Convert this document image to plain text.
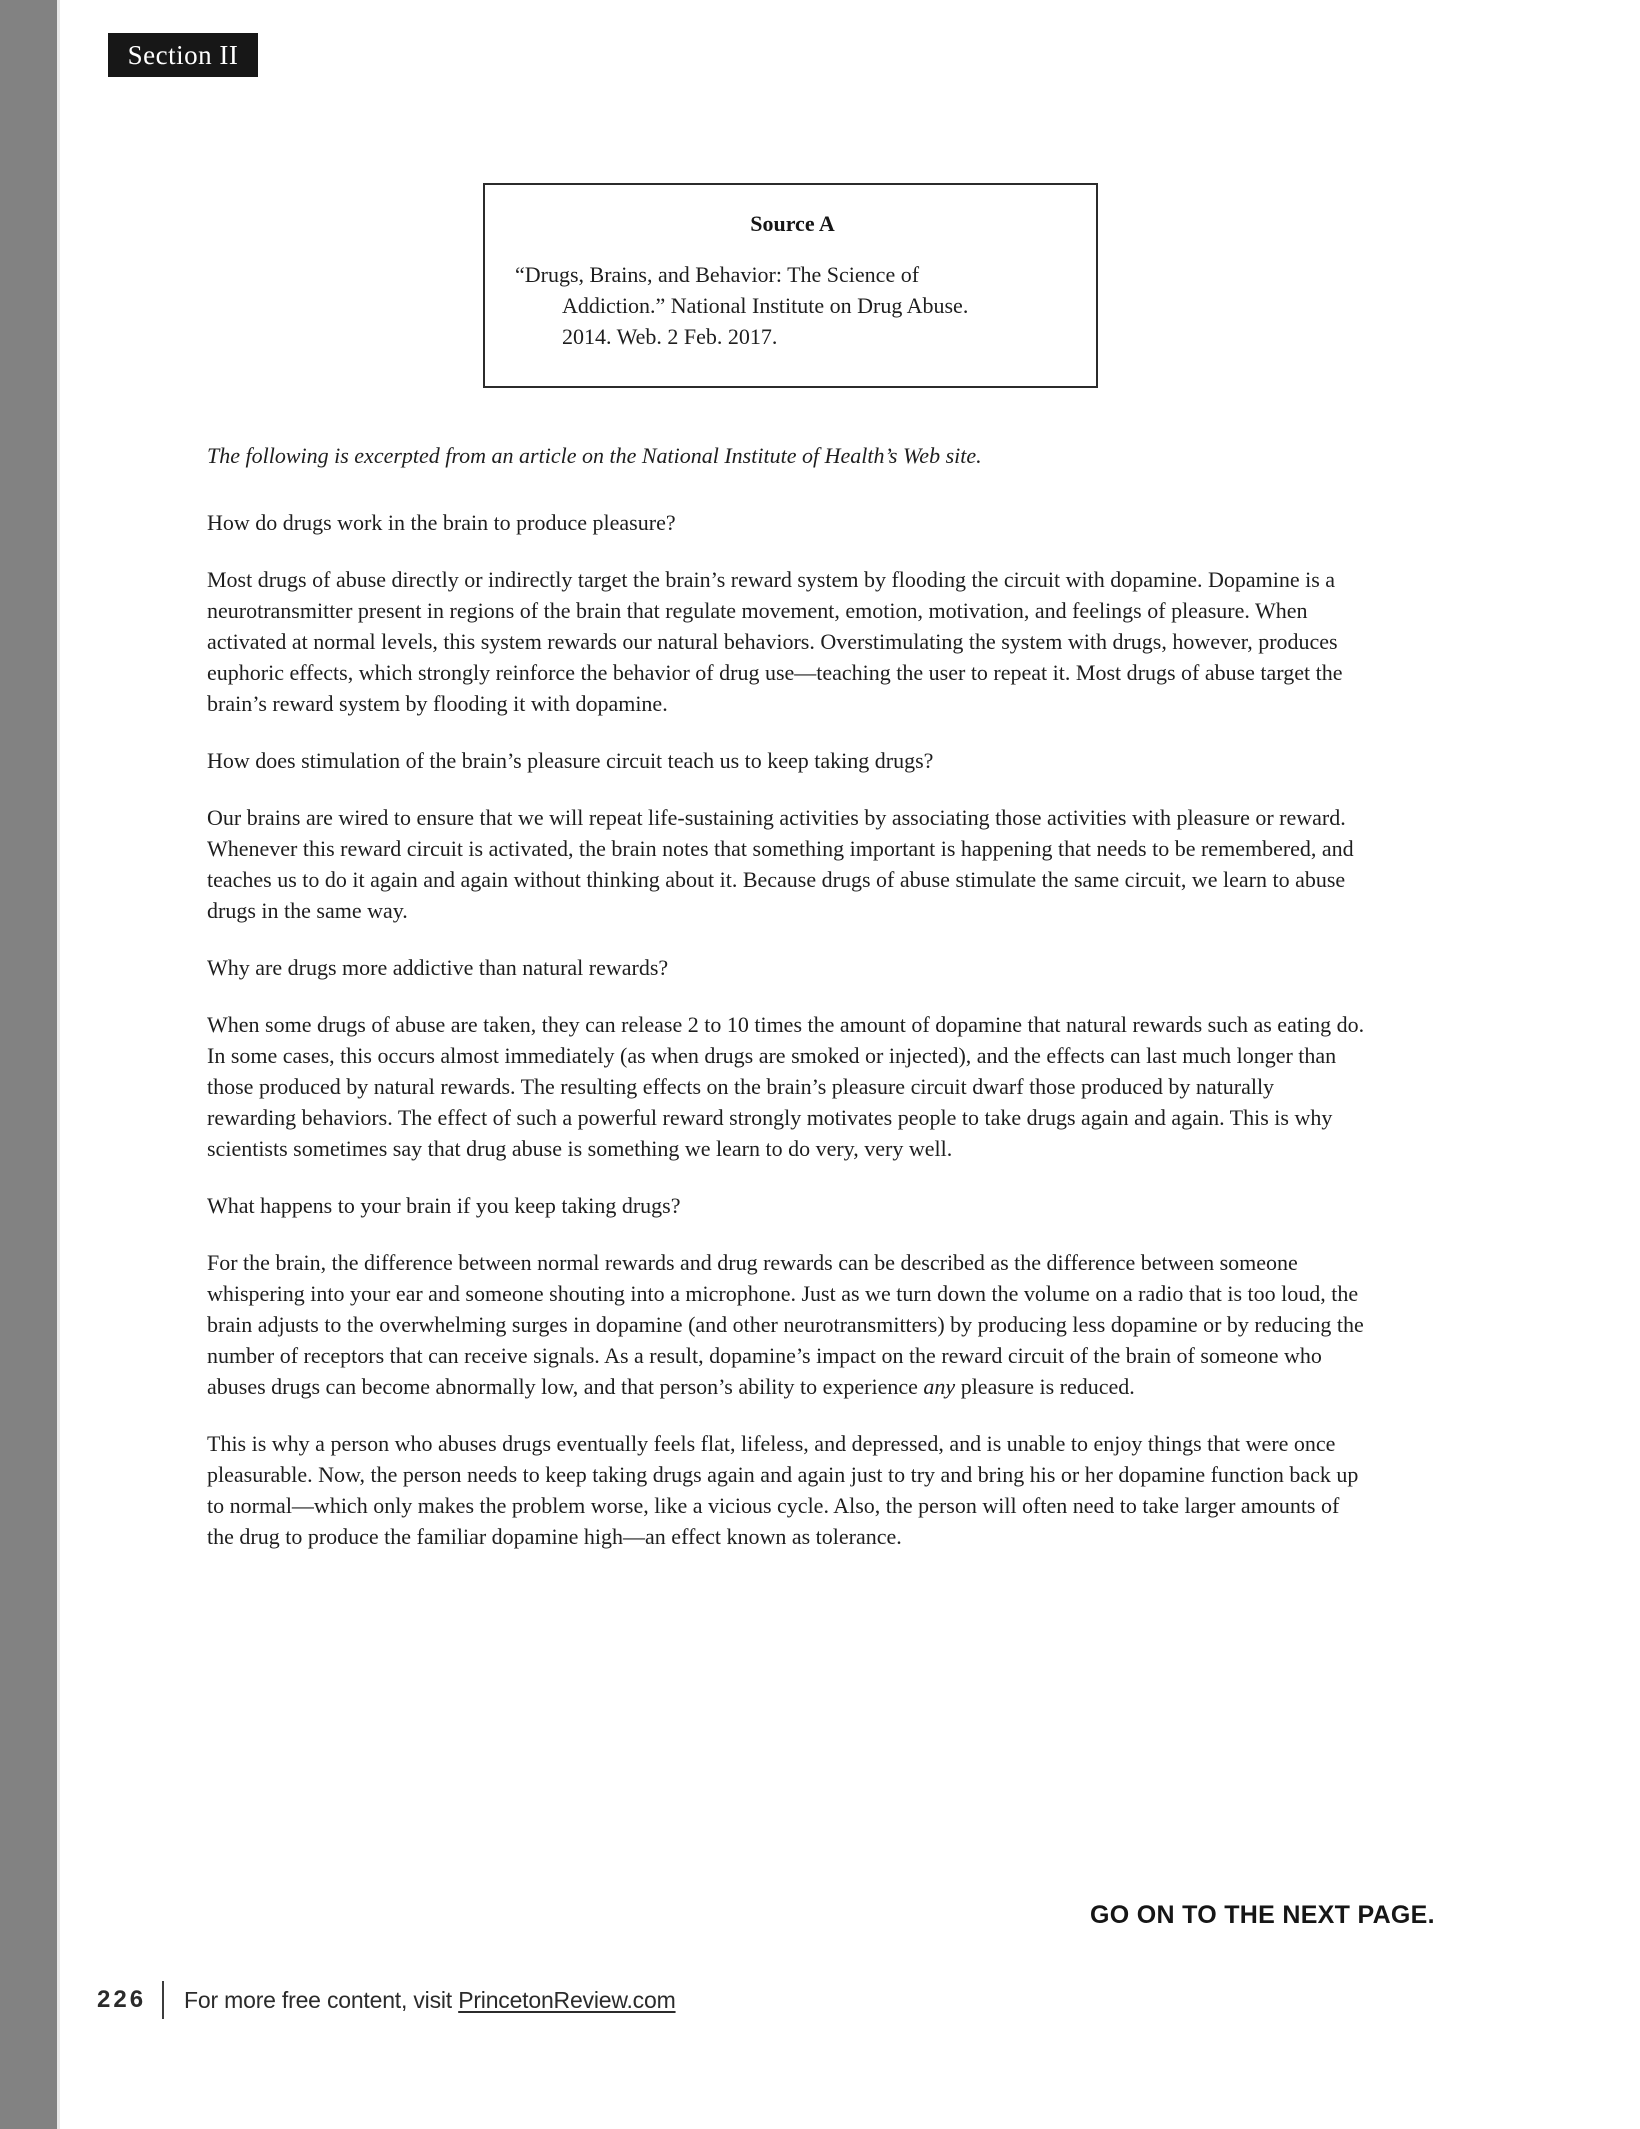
Section II
Source A
“Drugs, Brains, and Behavior: The Science of
Addiction.” National Institute on Drug Abuse.
2014. Web. 2 Feb. 2017.

The following is excerpted from an article on the National Institute of Health’s Web site.

How do drugs work in the brain to produce pleasure?

Most drugs of abuse directly or indirectly target the brain’s reward system by flooding the circuit with dopamine. Dopamine is a neurotransmitter present in regions of the brain that regulate movement, emotion, motivation, and feelings of pleasure. When activated at normal levels, this system rewards our natural behaviors. Overstimulating the system with drugs, however, produces euphoric effects, which strongly reinforce the behavior of drug use—teaching the user to repeat it. Most drugs of abuse target the brain’s reward system by flooding it with dopamine.

How does stimulation of the brain’s pleasure circuit teach us to keep taking drugs?

Our brains are wired to ensure that we will repeat life-sustaining activities by associating those activities with pleasure or reward. Whenever this reward circuit is activated, the brain notes that something important is happening that needs to be remembered, and teaches us to do it again and again without thinking about it. Because drugs of abuse stimulate the same circuit, we learn to abuse drugs in the same way.

Why are drugs more addictive than natural rewards?

When some drugs of abuse are taken, they can release 2 to 10 times the amount of dopamine that natural rewards such as eating do. In some cases, this occurs almost immediately (as when drugs are smoked or injected), and the effects can last much longer than those produced by natural rewards. The resulting effects on the brain’s pleasure circuit dwarf those produced by naturally rewarding behaviors. The effect of such a powerful reward strongly motivates people to take drugs again and again. This is why scientists sometimes say that drug abuse is something we learn to do very, very well.

What happens to your brain if you keep taking drugs?

For the brain, the difference between normal rewards and drug rewards can be described as the difference between someone whispering into your ear and someone shouting into a microphone. Just as we turn down the volume on a radio that is too loud, the brain adjusts to the overwhelming surges in dopamine (and other neurotransmitters) by producing less dopamine or by reducing the number of receptors that can receive signals. As a result, dopamine’s impact on the reward circuit of the brain of someone who abuses drugs can become abnormally low, and that person’s ability to experience any pleasure is reduced.

This is why a person who abuses drugs eventually feels flat, lifeless, and depressed, and is unable to enjoy things that were once pleasurable. Now, the person needs to keep taking drugs again and again just to try and bring his or her dopamine function back up to normal—which only makes the problem worse, like a vicious cycle. Also, the person will often need to take larger amounts of the drug to produce the familiar dopamine high—an effect known as tolerance.

GO ON TO THE NEXT PAGE.
226 For more free content, visit PrincetonReview.com
